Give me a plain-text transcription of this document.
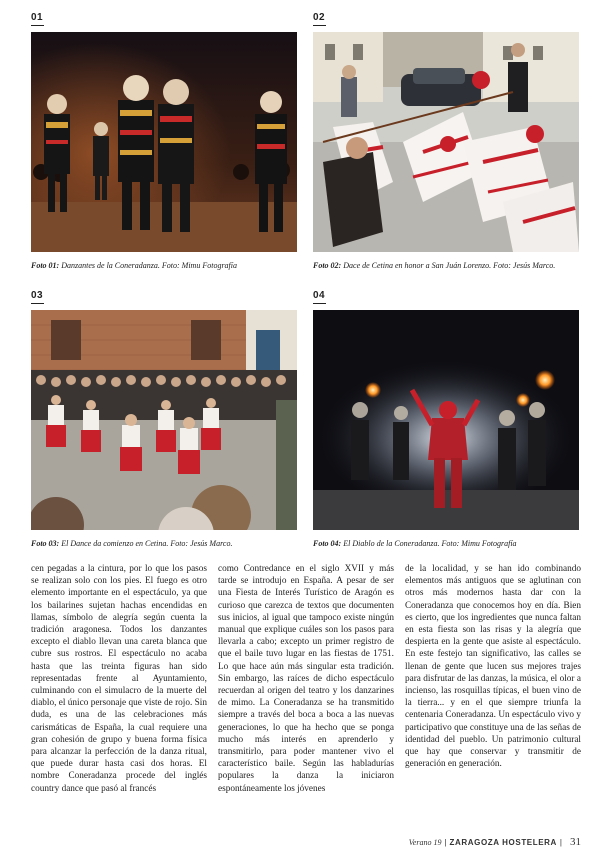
01
Foto 01: Danzantes de la Coneradanza. Foto: Mimu Fotografía
02
Foto 02: Dace de Cetina en honor a San Juán Lorenzo. Foto: Jesús Marco.
03
Foto 03: El Dance da comienzo en Cetina. Foto: Jesús Marco.
04
Foto 04: El Diablo de la Coneradanza. Foto: Mimu Fotografía

cen pegadas a la cintura, por lo que los pasos se realizan solo con los pies. El fuego es otro elemento importante en el espectáculo, ya que los bailarines sujetan hachas encendidas en llamas, símbolo de alegría según cuenta la tradición aragonesa. Todos los danzantes excepto el diablo llevan una careta blanca que cubre sus rostros. El espectáculo no acaba hasta que las treinta figuras han sido representadas frente al Ayuntamiento, culminando con el simulacro de la muerte del diablo, el único personaje que viste de rojo. Sin duda, es una de las celebraciones más carismáticas de España, la cual requiere una gran cohesión de grupo y buena forma física para alcanzar la perfección de la danza ritual, que puede durar hasta casi dos horas. El nombre Coneradanza procede del inglés country dance que pasó al francés

como Contredance en el siglo XVII y más tarde se introdujo en España. A pesar de ser una Fiesta de Interés Turístico de Aragón es curioso que carezca de textos que documenten sus inicios, al igual que tampoco existe ningún manual que explique cuáles son los pasos para llevarla a cabo; excepto un primer registro de que el baile tuvo lugar en las fiestas de 1751. Lo que hace aún más singular esta tradición. Sin embargo, las raíces de dicho espectáculo recuerdan al origen del teatro y los danzarines de mimo. La Coneradanza se ha transmitido siempre a través del boca a boca a las nuevas generaciones, lo que ha hecho que se ponga mucho más interés en aprenderlo y transmitirlo, para poder mantener vivo el característico baile. Según las habladurías populares la danza la iniciaron espontáneamente los jóvenes

de la localidad, y se han ido combinando elementos más antiguos que se aglutinan con otros más modernos hasta dar con la Coneradanza que conocemos hoy en día. Bien es cierto, que los ingredientes que nunca faltan en esta fiesta son las risas y la alegría que despierta en la gente que asiste al espectáculo. En este festejo tan significativo, las calles se llenan de gente que lucen sus mejores trajes para disfrutar de las danzas, la música, el olor a incienso, las rosquillas típicas, el buen vino de la tierra... y en el que siempre triunfa la centenaria Coneradanza. Un espectáculo vivo y participativo que constituye una de las señas de identidad del pueblo. Un patrimonio cultural que hay que conservar y transmitir de generación en generación.

Verano 19 | ZARAGOZA HOSTELERA | 31
